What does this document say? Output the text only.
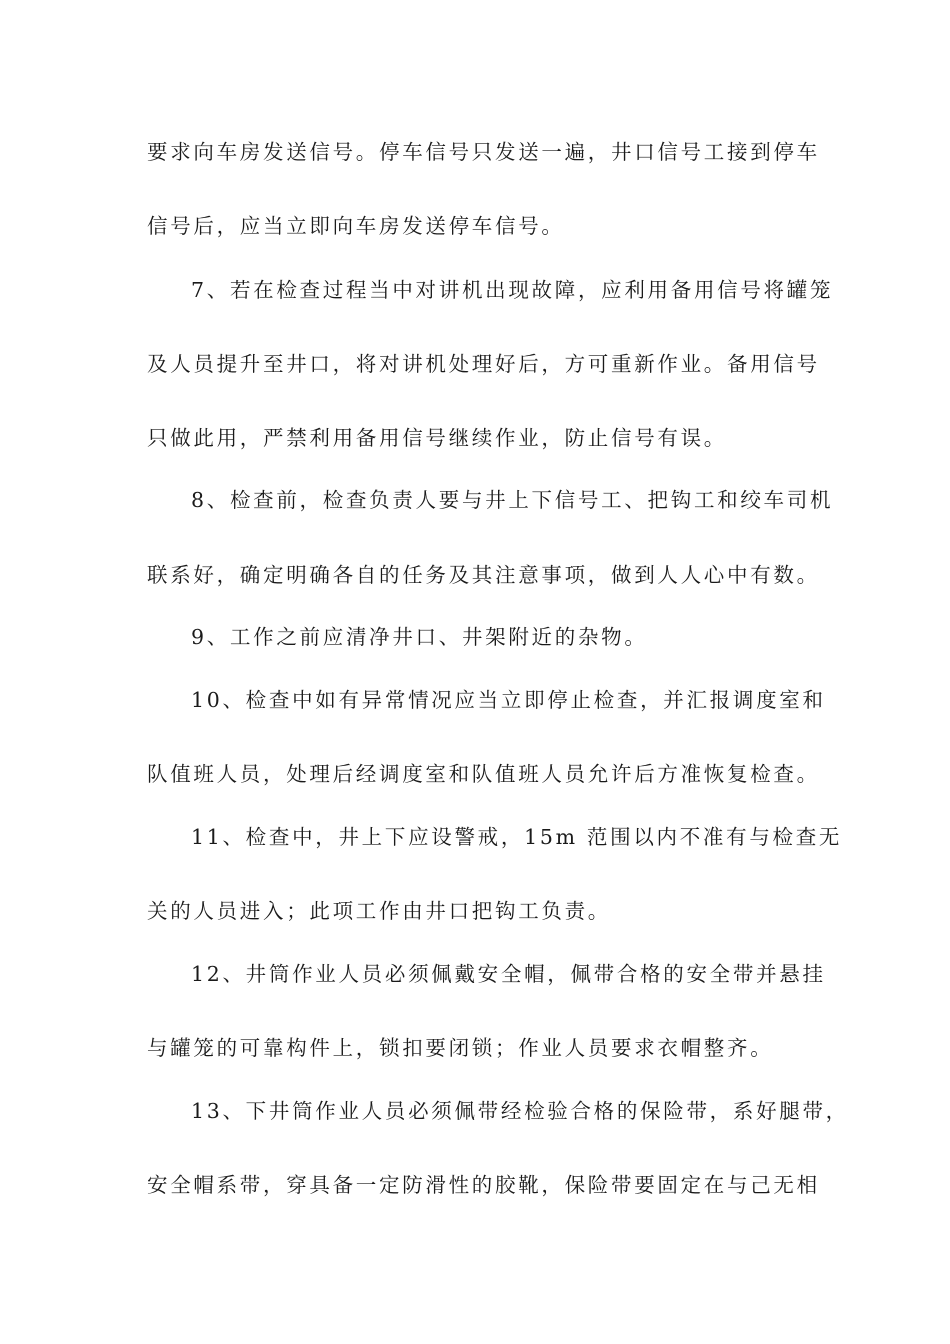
要求向车房发送信号。停车信号只发送一遍，井口信号工接到停车
信号后，应当立即向车房发送停车信号。
7、若在检查过程当中对讲机出现故障，应利用备用信号将罐笼
及人员提升至井口，将对讲机处理好后，方可重新作业。备用信号
只做此用，严禁利用备用信号继续作业，防止信号有误。
8、检查前，检查负责人要与井上下信号工、把钩工和绞车司机
联系好，确定明确各自的任务及其注意事项，做到人人心中有数。
9、工作之前应清净井口、井架附近的杂物。
10、检查中如有异常情况应当立即停止检查，并汇报调度室和
队值班人员，处理后经调度室和队值班人员允许后方准恢复检查。
11、检查中，井上下应设警戒，15m 范围以内不准有与检查无
关的人员进入；此项工作由井口把钩工负责。
12、井筒作业人员必须佩戴安全帽，佩带合格的安全带并悬挂
与罐笼的可靠构件上，锁扣要闭锁；作业人员要求衣帽整齐。
13、下井筒作业人员必须佩带经检验合格的保险带，系好腿带，
安全帽系带，穿具备一定防滑性的胶靴，保险带要固定在与己无相
